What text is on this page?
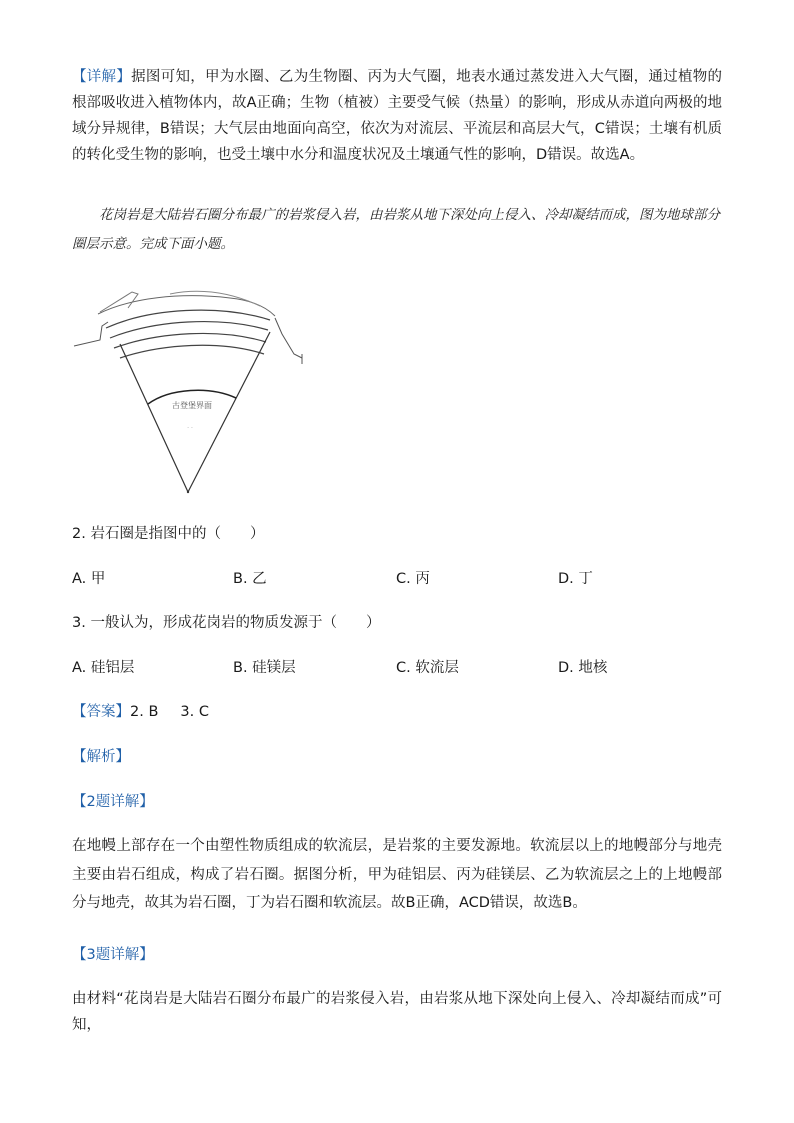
【详解】据图可知，甲为水圈、乙为生物圈、丙为大气圈，地表水通过蒸发进入大气圈，通过植物的根部吸收进入植物体内，故A正确；生物（植被）主要受气候（热量）的影响，形成从赤道向两极的地域分异规律，B错误；大气层由地面向高空，依次为对流层、平流层和高层大气，C错误；土壤有机质的转化受生物的影响，也受土壤中水分和温度状况及土壤通气性的影响，D错误。故选A。

花岗岩是大陆岩石圈分布最广的岩浆侵入岩，由岩浆从地下深处向上侵入、冷却凝结而成，图为地球部分圈层示意。完成下面小题。

古登堡界面
· ·

2. 岩石圈是指图中的（　　）

A. 甲	B. 乙	C. 丙	D. 丁

3. 一般认为，形成花岗岩的物质发源于（　　）

A. 硅铝层	B. 硅镁层	C. 软流层	D. 地核

【答案】2. B 3. C

【解析】

【2题详解】

在地幔上部存在一个由塑性物质组成的软流层，是岩浆的主要发源地。软流层以上的地幔部分与地壳主要由岩石组成，构成了岩石圈。据图分析，甲为硅铝层、丙为硅镁层、乙为软流层之上的上地幔部分与地壳，故其为岩石圈，丁为岩石圈和软流层。故B正确，ACD错误，故选B。

【3题详解】

由材料“花岗岩是大陆岩石圈分布最广的岩浆侵入岩，由岩浆从地下深处向上侵入、冷却凝结而成”可知，
